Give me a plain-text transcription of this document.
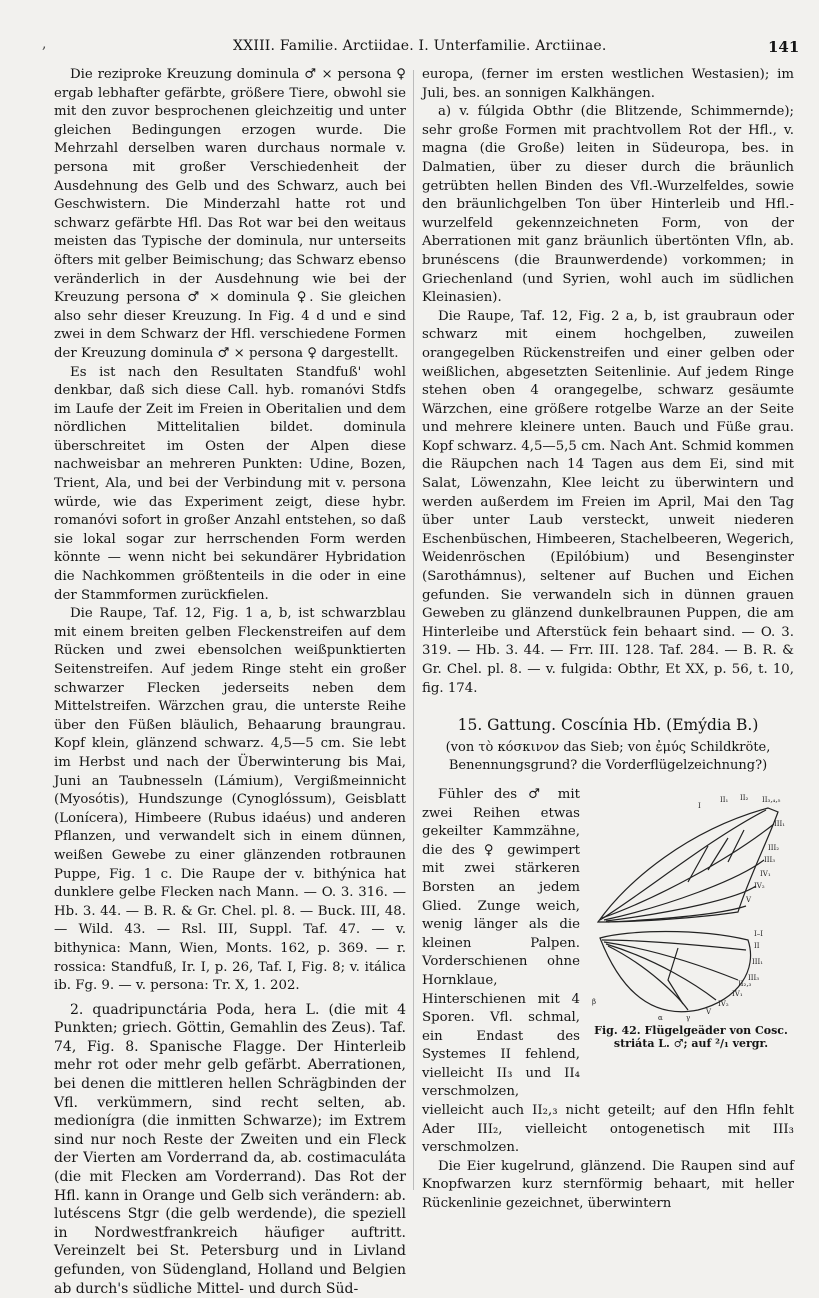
,	XXIII. Familie. Arctiidae. I. Unterfamilie. Arctiinae.	141

Die reziproke Kreuzung dominula ♂ × persona ♀ ergab lebhafter gefärbte, größere Tiere, obwohl sie mit den zuvor besprochenen gleichzeitig und unter gleichen Bedingungen erzogen wurde. Die Mehrzahl derselben waren durchaus normale v. persona mit großer Verschiedenheit der Ausdehnung des Gelb und des Schwarz, auch bei Geschwistern. Die Minderzahl hatte rot und schwarz gefärbte Hfl. Das Rot war bei den weitaus meisten das Typische der dominula, nur unterseits öfters mit gelber Beimischung; das Schwarz ebenso veränderlich in der Ausdehnung wie bei der Kreuzung persona ♂ × dominula ♀. Sie gleichen also sehr dieser Kreuzung. In Fig. 4 d und e sind zwei in dem Schwarz der Hfl. verschiedene Formen der Kreuzung dominula ♂ × persona ♀ dargestellt.

Es ist nach den Resultaten Standfuß' wohl denkbar, daß sich diese Call. hyb. romanóvi Stdfs im Laufe der Zeit im Freien in Oberitalien und dem nördlichen Mittelitalien bildet. dominula überschreitet im Osten der Alpen diese nachweisbar an mehreren Punkten: Udine, Bozen, Trient, Ala, und bei der Verbindung mit v. persona würde, wie das Experiment zeigt, diese hybr. romanóvi sofort in großer Anzahl entstehen, so daß sie lokal sogar zur herrschenden Form werden könnte — wenn nicht bei sekundärer Hybridation die Nachkommen größtenteils in die oder in eine der Stammformen zurückfielen.

Die Raupe, Taf. 12, Fig. 1 a, b, ist schwarzblau mit einem breiten gelben Fleckenstreifen auf dem Rücken und zwei ebensolchen weißpunktierten Seitenstreifen. Auf jedem Ringe steht ein großer schwarzer Flecken jederseits neben dem Mittelstreifen. Wärzchen grau, die unterste Reihe über den Füßen bläulich, Behaarung braungrau. Kopf klein, glänzend schwarz. 4,5—5 cm. Sie lebt im Herbst und nach der Überwinterung bis Mai, Juni an Taubnesseln (Lámium), Vergißmeinnicht (Myosótis), Hundszunge (Cynoglóssum), Geisblatt (Lonícera), Himbeere (Rubus idaéus) und anderen Pflanzen, und verwandelt sich in einem dünnen, weißen Gewebe zu einer glänzenden rotbraunen Puppe, Fig. 1 c. Die Raupe der v. bithýnica hat dunklere gelbe Flecken nach Mann. — O. 3. 316. — Hb. 3. 44. — B. R. & Gr. Chel. pl. 8. — Buck. III, 48. — Wild. 43. — Rsl. III, Suppl. Taf. 47. — v. bithynica: Mann, Wien, Monts. 162, p. 369. — r. rossica: Standfuß, Ir. I, p. 26, Taf. I, Fig. 8; v. itálica ib. Fg. 9. — v. persona: Tr. X, 1. 202.

2. quadripunctária Poda, hera L. (die mit 4 Punkten; griech. Göttin, Gemahlin des Zeus). Taf. 74, Fig. 8. Spanische Flagge. Der Hinterleib mehr rot oder mehr gelb gefärbt. Aberrationen, bei denen die mittleren hellen Schrägbinden der Vfl. verkümmern, sind recht selten, ab. medionígra (die inmitten Schwarze); im Extrem sind nur noch Reste der Zweiten und ein Fleck der Vierten am Vorderrand da, ab. costimaculáta (die mit Flecken am Vorderrand). Das Rot der Hfl. kann in Orange und Gelb sich verändern: ab. lutéscens Stgr (die gelb werdende), die speziell in Nordwestfrankreich häufiger auftritt. Vereinzelt bei St. Petersburg und in Livland gefunden, von Südengland, Holland und Belgien ab durch's südliche Mittel- und durch Süd-

europa, (ferner im ersten westlichen Westasien); im Juli, bes. an sonnigen Kalkhängen.

a) v. fúlgida Obthr (die Blitzende, Schimmernde); sehr große Formen mit prachtvollem Rot der Hfl., v. magna (die Große) leiten in Südeuropa, bes. in Dalmatien, über zu dieser durch die bräunlich getrübten hellen Binden des Vfl.-Wurzelfeldes, sowie den bräunlichgelben Ton über Hinterleib und Hfl.-wurzelfeld gekennzeichneten Form, von der Aberrationen mit ganz bräunlich übertönten Vfln, ab. brunéscens (die Braunwerdende) vorkommen; in Griechenland (und Syrien, wohl auch im südlichen Kleinasien).

Die Raupe, Taf. 12, Fig. 2 a, b, ist graubraun oder schwarz mit einem hochgelben, zuweilen orangegelben Rückenstreifen und einer gelben oder weißlichen, abgesetzten Seitenlinie. Auf jedem Ringe stehen oben 4 orangegelbe, schwarz gesäumte Wärzchen, eine größere rotgelbe Warze an der Seite und mehrere kleinere unten. Bauch und Füße grau. Kopf schwarz. 4,5—5,5 cm. Nach Ant. Schmid kommen die Räupchen nach 14 Tagen aus dem Ei, sind mit Salat, Löwenzahn, Klee leicht zu überwintern und werden außerdem im Freien im April, Mai den Tag über unter Laub versteckt, unweit niederen Eschenbüschen, Himbeeren, Stachelbeeren, Wegerich, Weidenröschen (Epilóbium) und Besenginster (Sarothámnus), seltener auf Buchen und Eichen gefunden. Sie verwandeln sich in dünnen grauen Geweben zu glänzend dunkelbraunen Puppen, die am Hinterleibe und Afterstück fein behaart sind. — O. 3. 319. — Hb. 3. 44. — Frr. III. 128. Taf. 284. — B. R. & Gr. Chel. pl. 8. — v. fulgida: Obthr, Et XX, p. 56, t. 10, fig. 174.

15. Gattung. Coscínia Hb. (Emýdia B.)
(von τὸ κόσκινον das Sieb; von ἐμύς Schildkröte, Benennungsgrund? die Vorderflügelzeichnung?)
I
II₁ II₂ II₃,₄,₅
III₁
III₂
III₃
IV₁
IV₂
V
I–I
II
III₁
III₃
II₂,₃
IV₁
IV₂
V
α
β
γ
Fig. 42. Flügelgeäder von Cosc. striáta L. ♂; auf ²/₁ vergr.

Fühler des ♂ mit zwei Reihen etwas gekeilter Kammzähne, die des ♀ gewimpert mit zwei stärkeren Borsten an jedem Glied. Zunge weich, wenig länger als die kleinen Palpen. Vorderschienen ohne Hornklaue, Hinterschienen mit 4 Sporen. Vfl. schmal, ein Endast des Systemes II fehlend, vielleicht II₃ und II₄ verschmolzen, vielleicht auch II₂,₃ nicht geteilt; auf den Hfln fehlt Ader III₂, vielleicht ontogenetisch mit III₃ verschmolzen.

Die Eier kugelrund, glänzend. Die Raupen sind auf Knopfwarzen kurz sternförmig behaart, mit heller Rückenlinie gezeichnet, überwintern
